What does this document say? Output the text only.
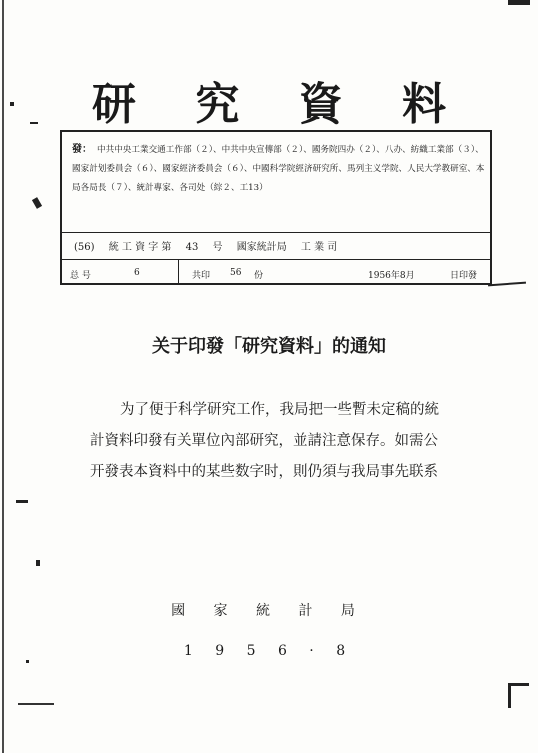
研 究 資 料
發： 中共中央工業交通工作部（２）、中共中央宣傳部（２）、國务院四办（２）、八办、紡織工業部（３）、國家計划委員会（６）、國家經济委員会（６）、中國科学院經济研究所、馬列主义学院、人民大学教研室、本局各局長（７）、統計專家、各司处（綜２、工13）
(56) 統 工 資 字 第 43 号 國家統計局 工 業 司
总 号	6	共印 56 份	1956年8月	日印發
关于印發「研究資料」的通知

为了便于科学研究工作，我局把一些暫未定稿的統

計資料印發有关單位內部研究，並請注意保存。如需公

开發表本資料中的某些数字时，則仍須与我局事先联系

國 家 統 計 局
1 9 5 6 · 8
